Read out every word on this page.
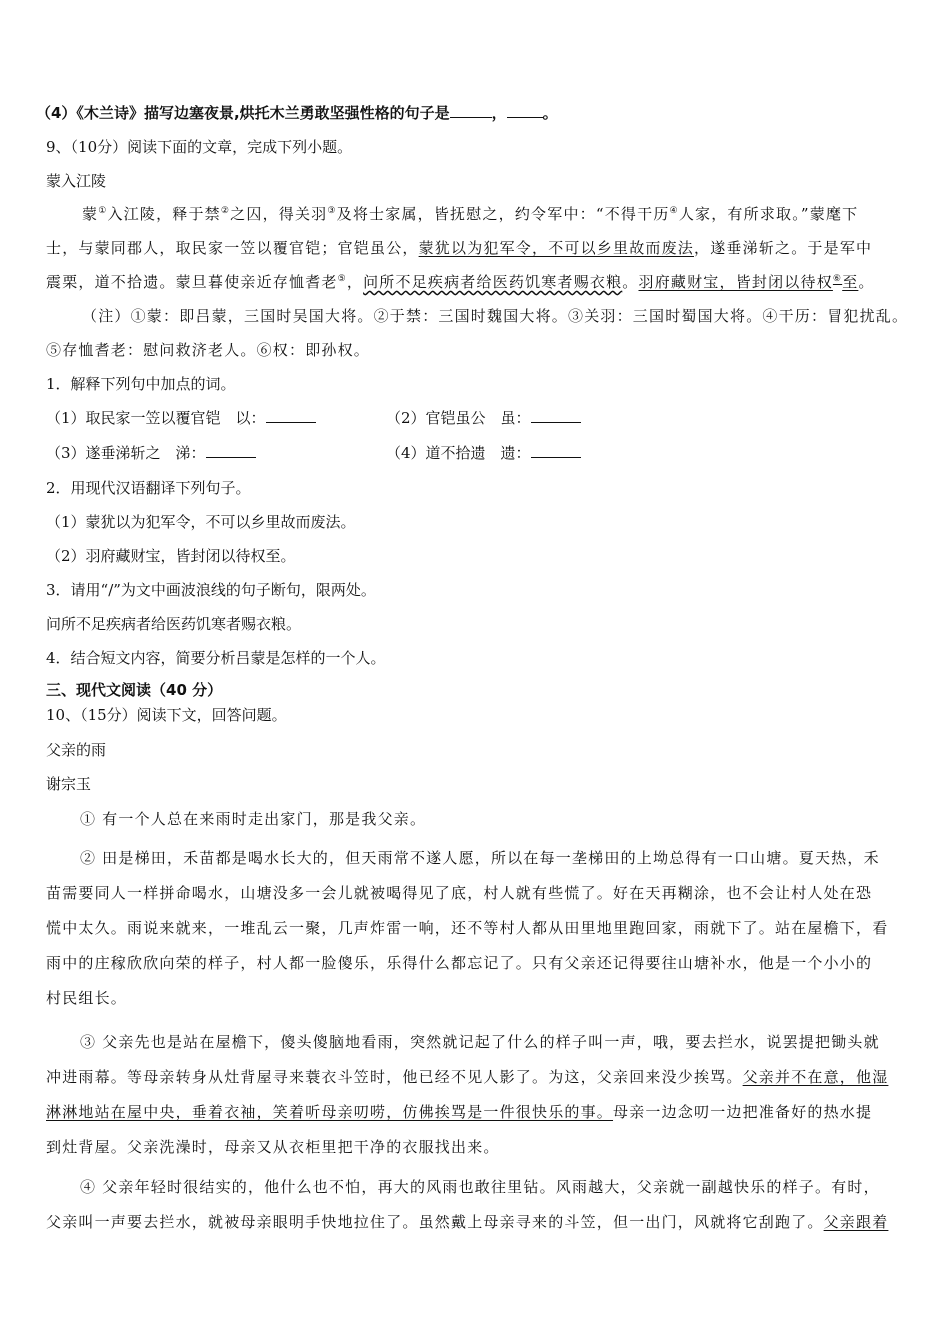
（4）《木兰诗》描写边塞夜景,烘托木兰勇敢坚强性格的句子是	， 。
9、（10分）阅读下面的文章，完成下列小题。
蒙入江陵
蒙①入江陵，释于禁②之囚，得关羽③及将士家属，皆抚慰之，约令军中：“不得干历④人家，有所求取。”蒙麾下
士，与蒙同郡人，取民家一笠以覆官铠；官铠虽公，蒙犹以为犯军令，不可以乡里故而废法，遂垂涕斩之。于是军中
震栗，道不拾遗。蒙旦暮使亲近存恤耆老⑤，问所不足疾病者给医药饥寒者赐衣粮。羽府藏财宝，皆封闭以待权⑥至。
（注）①蒙：即吕蒙，三国时吴国大将。②于禁：三国时魏国大将。③关羽：三国时蜀国大将。④干历：冒犯扰乱。
⑤存恤耆老：慰问救济老人。⑥权：即孙权。
1．解释下列句中加点的词。
（1）取民家一笠以覆官铠　以：	（2）官铠虽公　虽：
（3）遂垂涕斩之　涕：	（4）道不拾遗　遗：
2．用现代汉语翻译下列句子。
（1）蒙犹以为犯军令，不可以乡里故而废法。
（2）羽府藏财宝，皆封闭以待权至。
3．请用“/”为文中画波浪线的句子断句，限两处。
问所不足疾病者给医药饥寒者赐衣粮。
4．结合短文内容，简要分析吕蒙是怎样的一个人。
三、现代文阅读（40 分）
10、（15分）阅读下文，回答问题。
父亲的雨
谢宗玉
① 有一个人总在来雨时走出家门，那是我父亲。
② 田是梯田，禾苗都是喝水长大的，但天雨常不遂人愿，所以在每一垄梯田的上坳总得有一口山塘。夏天热，禾
苗需要同人一样拼命喝水，山塘没多一会儿就被喝得见了底，村人就有些慌了。好在天再糊涂，也不会让村人处在恐
慌中太久。雨说来就来，一堆乱云一聚，几声炸雷一响，还不等村人都从田里地里跑回家，雨就下了。站在屋檐下，看
雨中的庄稼欣欣向荣的样子，村人都一脸傻乐，乐得什么都忘记了。只有父亲还记得要往山塘补水，他是一个小小的
村民组长。
③ 父亲先也是站在屋檐下，傻头傻脑地看雨，突然就记起了什么的样子叫一声，哦，要去拦水，说罢提把锄头就
冲进雨幕。等母亲转身从灶背屋寻来蓑衣斗笠时，他已经不见人影了。为这，父亲回来没少挨骂。父亲并不在意，他湿
淋淋地站在屋中央，垂着衣袖，笑着听母亲叨唠，仿佛挨骂是一件很快乐的事。母亲一边念叨一边把准备好的热水提
到灶背屋。父亲洗澡时，母亲又从衣柜里把干净的衣服找出来。
④ 父亲年轻时很结实的，他什么也不怕，再大的风雨也敢往里钻。风雨越大，父亲就一副越快乐的样子。有时，
父亲叫一声要去拦水，就被母亲眼明手快地拉住了。虽然戴上母亲寻来的斗笠，但一出门，风就将它刮跑了。父亲跟着
